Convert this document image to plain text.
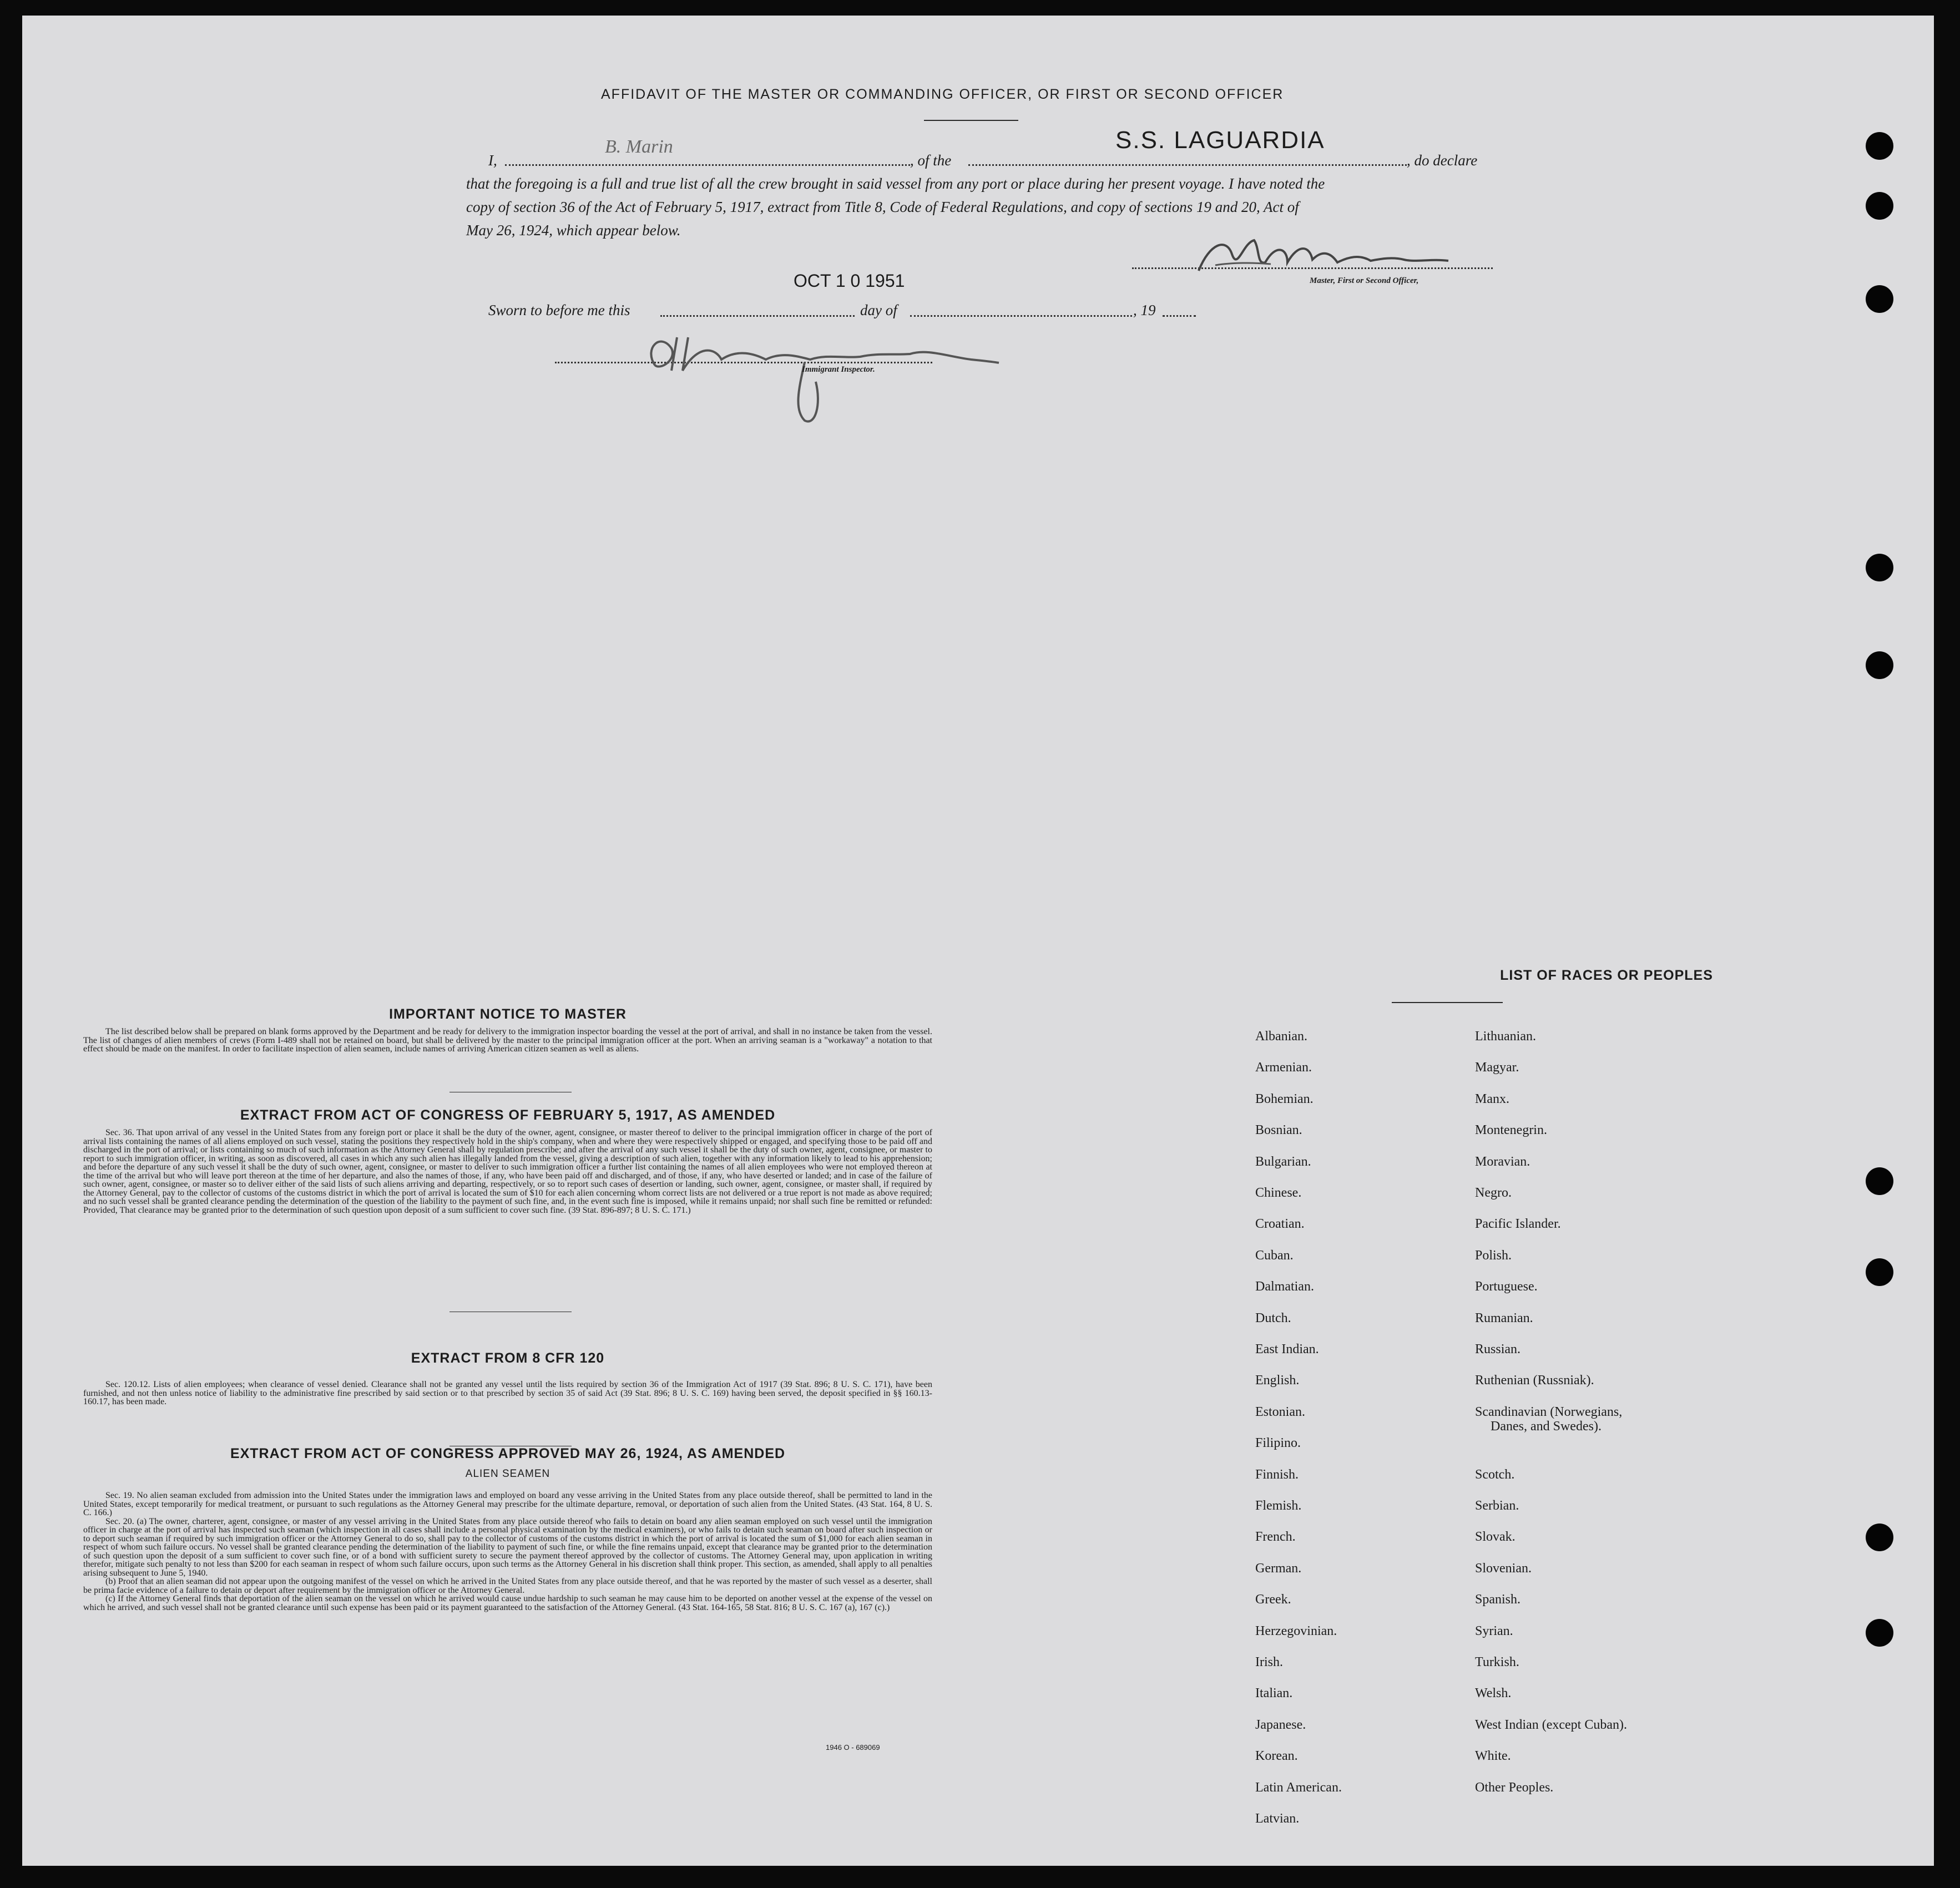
AFFIDAVIT OF THE MASTER OR COMMANDING OFFICER, OR FIRST OR SECOND OFFICER
I,
B. Marin
, of the
S.S. LAGUARDIA
, do declare
that the foregoing is a full and true list of all the crew brought in said vessel from any port or place during her present voyage. I have noted the
copy of section 36 of the Act of February 5, 1917, extract from Title 8, Code of Federal Regulations, and copy of sections 19 and 20, Act of
May 26, 1924, which appear below.
Master, First or Second Officer,
OCT 1 0 1951
Sworn to before me this	day of	, 19
Immigrant Inspector.
IMPORTANT NOTICE TO MASTER

The list described below shall be prepared on blank forms approved by the Department and be ready for delivery to the immigration inspector boarding the vessel at the port of arrival, and shall in no instance be taken from the vessel. The list of changes of alien members of crews (Form I-489 shall not be retained on board, but shall be delivered by the master to the principal immigration officer at the port. When an arriving seaman is a "workaway" a notation to that effect should be made on the manifest. In order to facilitate inspection of alien seamen, include names of arriving American citizen seamen as well as aliens.

EXTRACT FROM ACT OF CONGRESS OF FEBRUARY 5, 1917, AS AMENDED

Sec. 36. That upon arrival of any vessel in the United States from any foreign port or place it shall be the duty of the owner, agent, consignee, or master thereof to deliver to the principal immigration officer in charge of the port of arrival lists containing the names of all aliens employed on such vessel, stating the positions they respectively hold in the ship's company, when and where they were respectively shipped or engaged, and specifying those to be paid off and discharged in the port of arrival; or lists containing so much of such information as the Attorney General shall by regulation prescribe; and after the arrival of any such vessel it shall be the duty of such owner, agent, consignee, or master to report to such immigration officer, in writing, as soon as discovered, all cases in which any such alien has illegally landed from the vessel, giving a description of such alien, together with any information likely to lead to his apprehension; and before the departure of any such vessel it shall be the duty of such owner, agent, consignee, or master to deliver to such immigration officer a further list containing the names of all alien employees who were not employed thereon at the time of the arrival but who will leave port thereon at the time of her departure, and also the names of those, if any, who have been paid off and discharged, and of those, if any, who have deserted or landed; and in case of the failure of such owner, agent, consignee, or master so to deliver either of the said lists of such aliens arriving and departing, respectively, or so to report such cases of desertion or landing, such owner, agent, consignee, or master shall, if required by the Attorney General, pay to the collector of customs of the customs district in which the port of arrival is located the sum of $10 for each alien concerning whom correct lists are not delivered or a true report is not made as above required; and no such vessel shall be granted clearance pending the determination of the question of the liability to the payment of such fine, and, in the event such fine is imposed, while it remains unpaid; nor shall such fine be remitted or refunded: Provided, That clearance may be granted prior to the determination of such question upon deposit of a sum sufficient to cover such fine. (39 Stat. 896-897; 8 U. S. C. 171.)

EXTRACT FROM 8 CFR 120

Sec. 120.12. Lists of alien employees; when clearance of vessel denied. Clearance shall not be granted any vessel until the lists required by section 36 of the Immigration Act of 1917 (39 Stat. 896; 8 U. S. C. 171), have been furnished, and not then unless notice of liability to the administrative fine prescribed by said section or to that prescribed by section 35 of said Act (39 Stat. 896; 8 U. S. C. 169) having been served, the deposit specified in §§ 160.13-160.17, has been made.

EXTRACT FROM ACT OF CONGRESS APPROVED MAY 26, 1924, AS AMENDED
ALIEN SEAMEN

Sec. 19. No alien seaman excluded from admission into the United States under the immigration laws and employed on board any vesse arriving in the United States from any place outside thereof, shall be permitted to land in the United States, except temporarily for medical treatment, or pursuant to such regulations as the Attorney General may prescribe for the ultimate departure, removal, or deportation of such alien from the United States. (43 Stat. 164, 8 U. S. C. 166.)

Sec. 20. (a) The owner, charterer, agent, consignee, or master of any vessel arriving in the United States from any place outside thereof who fails to detain on board any alien seaman employed on such vessel until the immigration officer in charge at the port of arrival has inspected such seaman (which inspection in all cases shall include a personal physical examination by the medical examiners), or who fails to detain such seaman on board after such inspection or to deport such seaman if required by such immigration officer or the Attorney General to do so, shall pay to the collector of customs of the customs district in which the port of arrival is located the sum of $1,000 for each alien seaman in respect of whom such failure occurs. No vessel shall be granted clearance pending the determination of the liability to payment of such fine, or while the fine remains unpaid, except that clearance may be granted prior to the determination of such question upon the deposit of a sum sufficient to cover such fine, or of a bond with sufficient surety to secure the payment thereof approved by the collector of customs. The Attorney General may, upon application in writing therefor, mitigate such penalty to not less than $200 for each seaman in respect of whom such failure occurs, upon such terms as the Attorney General in his discretion shall think proper. This section, as amended, shall apply to all penalties arising subsequent to June 5, 1940.

(b) Proof that an alien seaman did not appear upon the outgoing manifest of the vessel on which he arrived in the United States from any place outside thereof, and that he was reported by the master of such vessel as a deserter, shall be prima facie evidence of a failure to detain or deport after requirement by the immigration officer or the Attorney General.

(c) If the Attorney General finds that deportation of the alien seaman on the vessel on which he arrived would cause undue hardship to such seaman he may cause him to be deported on another vessel at the expense of the vessel on which he arrived, and such vessel shall not be granted clearance until such expense has been paid or its payment guaranteed to the satisfaction of the Attorney General. (43 Stat. 164-165, 58 Stat. 816; 8 U. S. C. 167 (a), 167 (c).)

1946 O - 689069
LIST OF RACES OR PEOPLES
Albanian.
Armenian.
Bohemian.
Bosnian.
Bulgarian.
Chinese.
Croatian.
Cuban.
Dalmatian.
Dutch.
East Indian.
English.
Estonian.
Filipino.
Finnish.
Flemish.
French.
German.
Greek.
Herzegovinian.
Irish.
Italian.
Japanese.
Korean.
Latin American.
Latvian.
Lithuanian.
Magyar.
Manx.
Montenegrin.
Moravian.
Negro.
Pacific Islander.
Polish.
Portuguese.
Rumanian.
Russian.
Ruthenian (Russniak).
Scandinavian (Norwegians,
Danes, and Swedes).
Scotch.
Serbian.
Slovak.
Slovenian.
Spanish.
Syrian.
Turkish.
Welsh.
West Indian (except Cuban).
White.
Other Peoples.
